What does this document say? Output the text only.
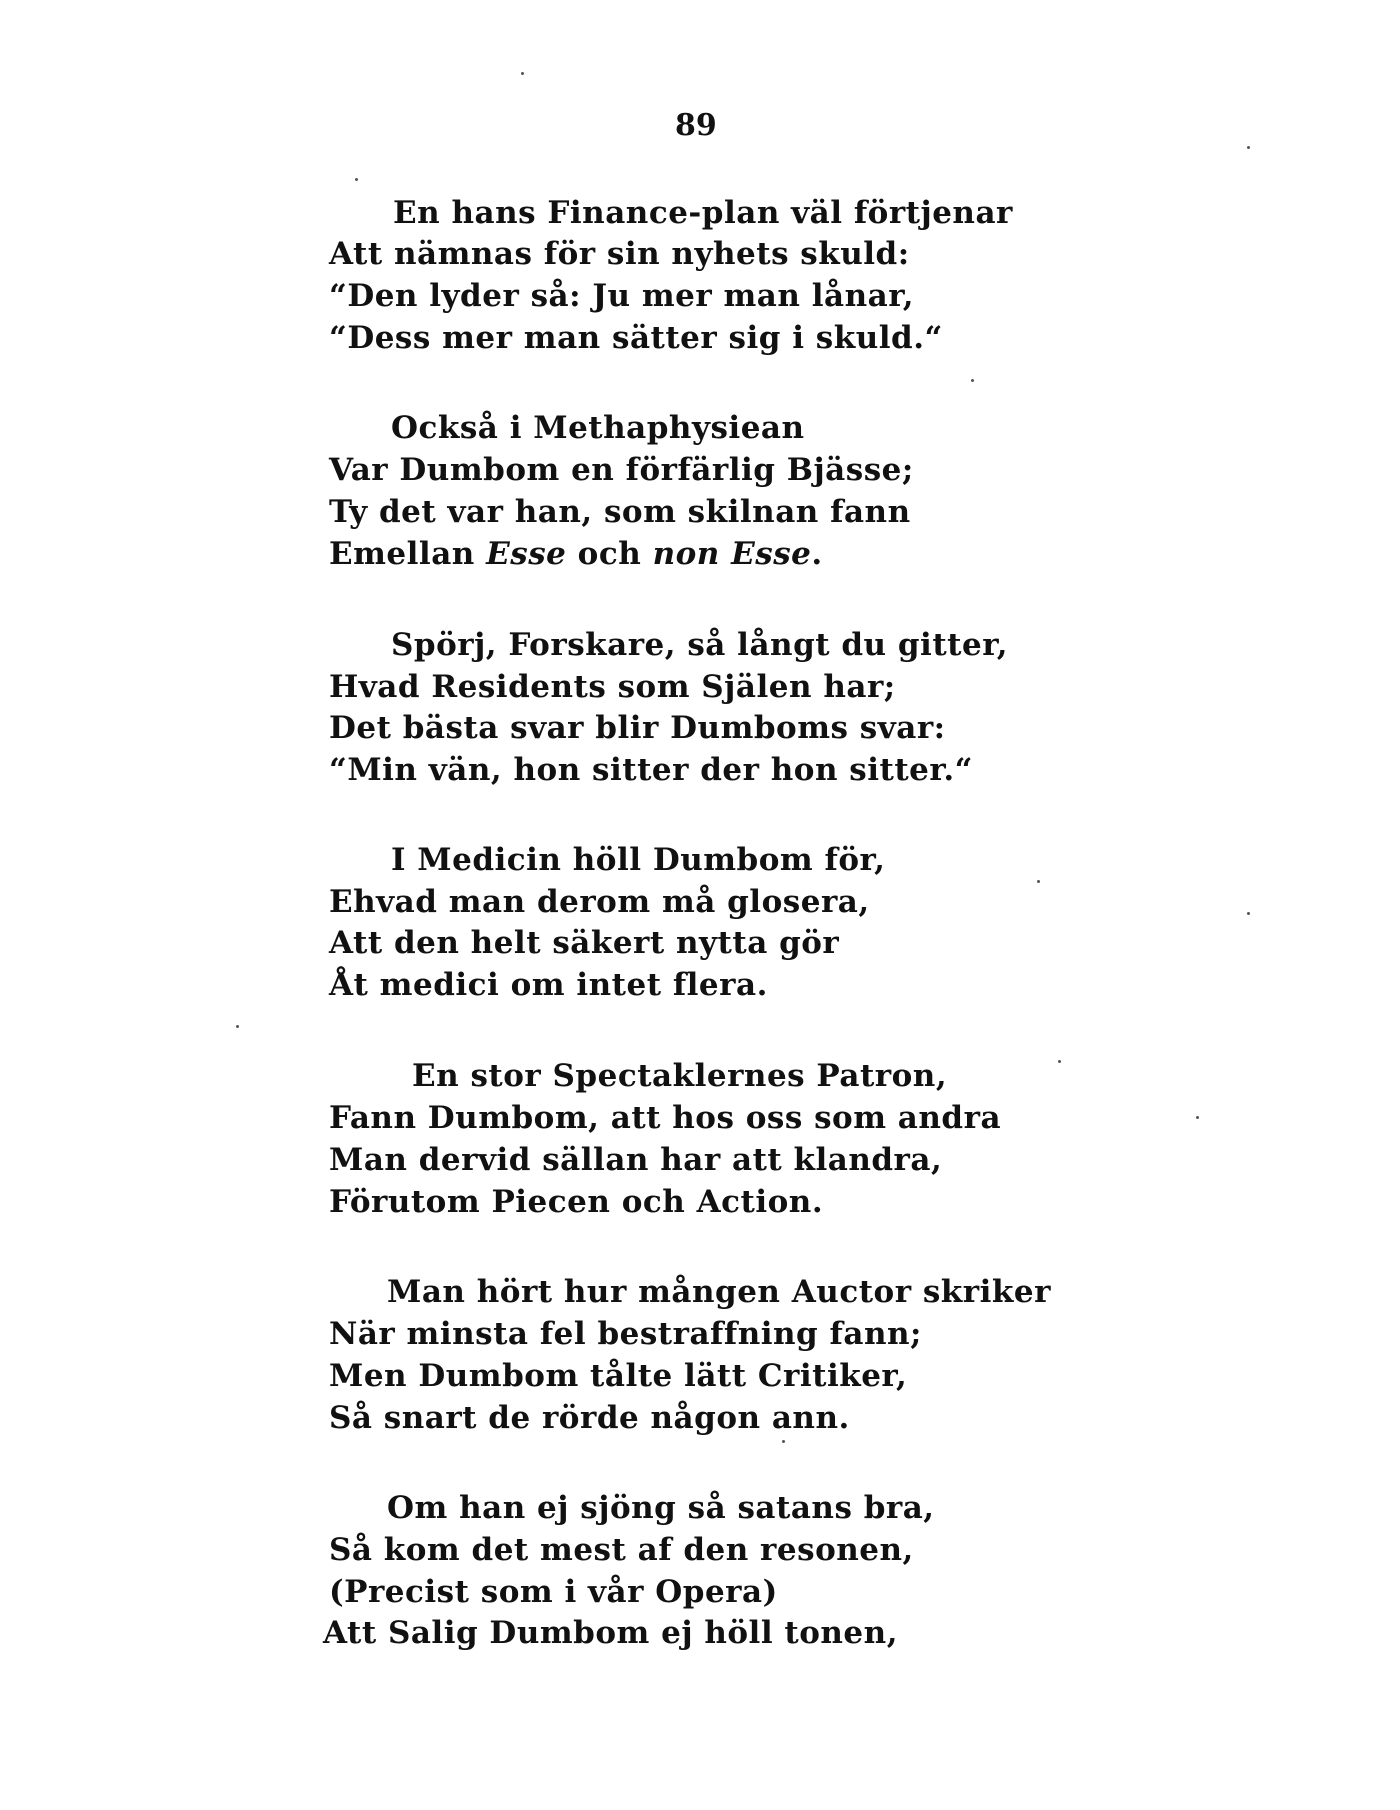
89
En hans Finance-plan väl förtjenar
Att nämnas för sin nyhets skuld:
“Den lyder så: Ju mer man lånar,
“Dess mer man sätter sig i skuld.“
Också i Methaphysiean
Var Dumbom en förfärlig Bjässe;
Ty det var han, som skilnan fann
Emellan Esse och non Esse.
Spörj, Forskare, så långt du gitter,
Hvad Residents som Själen har;
Det bästa svar blir Dumboms svar:
“Min vän, hon sitter der hon sitter.“
I Medicin höll Dumbom för,
Ehvad man derom må glosera,
Att den helt säkert nytta gör
Åt medici om intet flera.
En stor Spectaklernes Patron,
Fann Dumbom, att hos oss som andra
Man dervid sällan har att klandra,
Förutom Piecen och Action.
Man hört hur mången Auctor skriker
När minsta fel bestraffning fann;
Men Dumbom tålte lätt Critiker,
Så snart de rörde någon ann.
Om han ej sjöng så satans bra,
Så kom det mest af den resonen,
(Precist som i vår Opera)
Att Salig Dumbom ej höll tonen,
